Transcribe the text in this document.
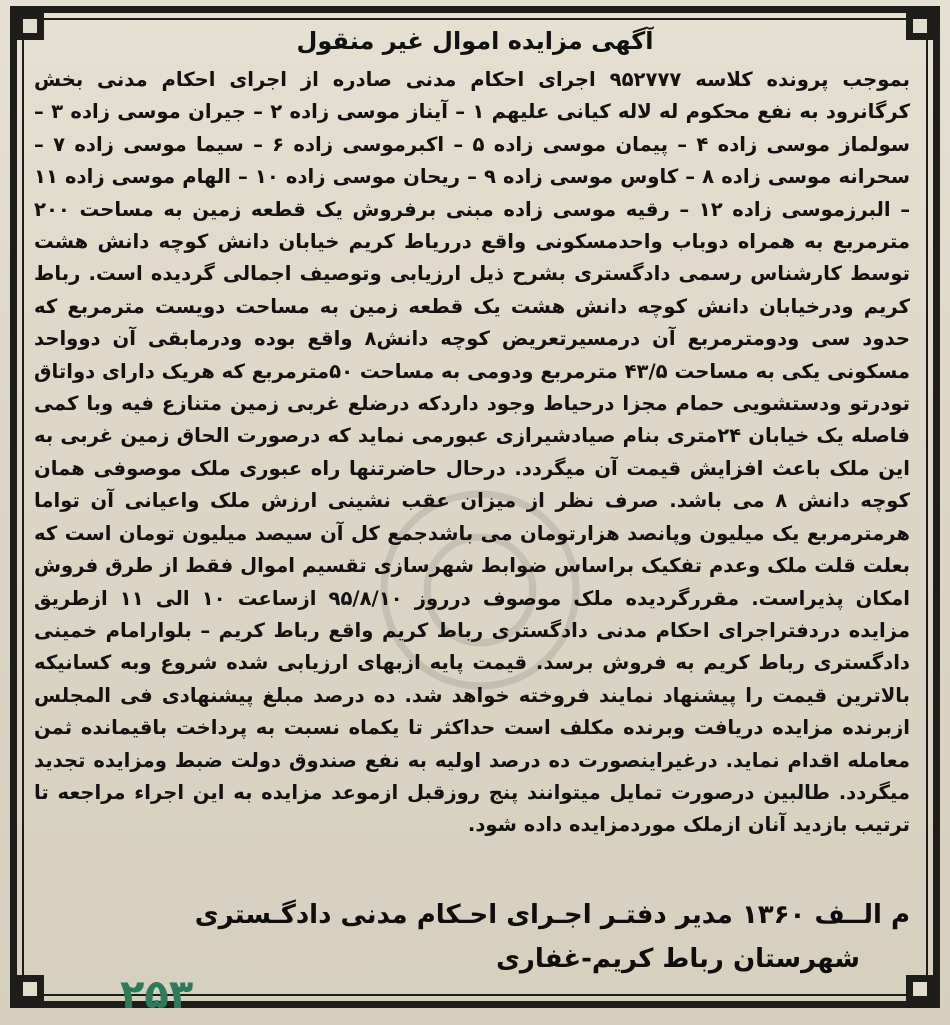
آگهی مزایده اموال غیر منقول
بموجب پرونده کلاسه ۹۵۲۷۷۷ اجرای احکام مدنی صادره از اجرای احکام مدنی بخش کرگانرود به نفع محکوم له لاله کیانی علیهم ۱ – آیناز موسی زاده ۲ – جیران موسی زاده ۳ – سولماز موسی زاده ۴ – پیمان موسی زاده ۵ – اکبرموسی زاده ۶ – سیما موسی زاده ۷ – سحرانه موسی زاده ۸ – کاوس موسی زاده ۹ – ریحان موسی زاده ۱۰ – الهام موسی زاده ۱۱ – البرزموسی زاده ۱۲ – رقیه موسی زاده مبنی برفروش یک قطعه زمین به مساحت ۲۰۰ مترمربع به همراه دوباب واحدمسکونی واقع درریاط کریم خیابان دانش کوچه دانش هشت توسط کارشناس رسمی دادگستری بشرح ذیل ارزیابی وتوصیف اجمالی گردیده است. رباط کریم ودرخیابان دانش کوچه دانش هشت یک قطعه زمین به مساحت دویست مترمربع که حدود سی ودومترمربع آن درمسیرتعریض کوچه دانش۸ واقع بوده ودرمابقی آن دوواحد مسکونی یکی به مساحت ۴۳/۵ مترمربع ودومی به مساحت ۵۰مترمربع که هریک دارای دواتاق تودرتو ودستشویی حمام مجزا درحیاط وجود داردکه درضلع غربی زمین متنازع فیه وبا کمی فاصله یک خیابان ۲۴متری بنام صیادشیرازی عبورمی نماید که درصورت الحاق زمین غربی به این ملک باعث افزایش قیمت آن میگردد. درحال حاضرتنها راه عبوری ملک موصوفی همان کوچه دانش ۸ می باشد. صرف نظر از میزان عقب نشینی ارزش ملک واعیانی آن تواما هرمترمربع یک میلیون وپانصد هزارتومان می باشدجمع کل آن سیصد میلیون تومان است که بعلت قلت ملک وعدم تفکیک براساس ضوابط شهرسازی تقسیم اموال فقط از طرق فروش امکان پذیراست. مقررگردیده ملک موصوف درروز ۹۵/۸/۱۰ ازساعت ۱۰ الی ۱۱ ازطریق مزایده دردفتراجرای احکام مدنی دادگستری رباط کریم واقع رباط کریم – بلوارامام خمینی دادگستری رباط کریم به فروش برسد. قیمت پایه ازبهای ارزیابی شده شروع وبه کسانیکه بالاترین قیمت را پیشنهاد نمایند فروخته خواهد شد. ده درصد مبلغ پیشنهادی فی المجلس ازبرنده مزایده دریافت وبرنده مکلف است حداکثر تا یکماه نسبت به پرداخت باقیمانده ثمن معامله اقدام نماید. درغیراینصورت ده درصد اولیه به نفع صندوق دولت ضبط ومزایده تجدید میگردد. طالبین درصورت تمایل میتوانند پنج روزقبل ازموعد مزایده به این اجراء مراجعه تا ترتیب بازدید آنان ازملک موردمزایده داده شود.
م الــف ۱۳۶۰ مدیر دفتـر اجـرای احـکام مدنی دادگـستری
شهرستان رباط کریم-غفاری
۲۵۳
